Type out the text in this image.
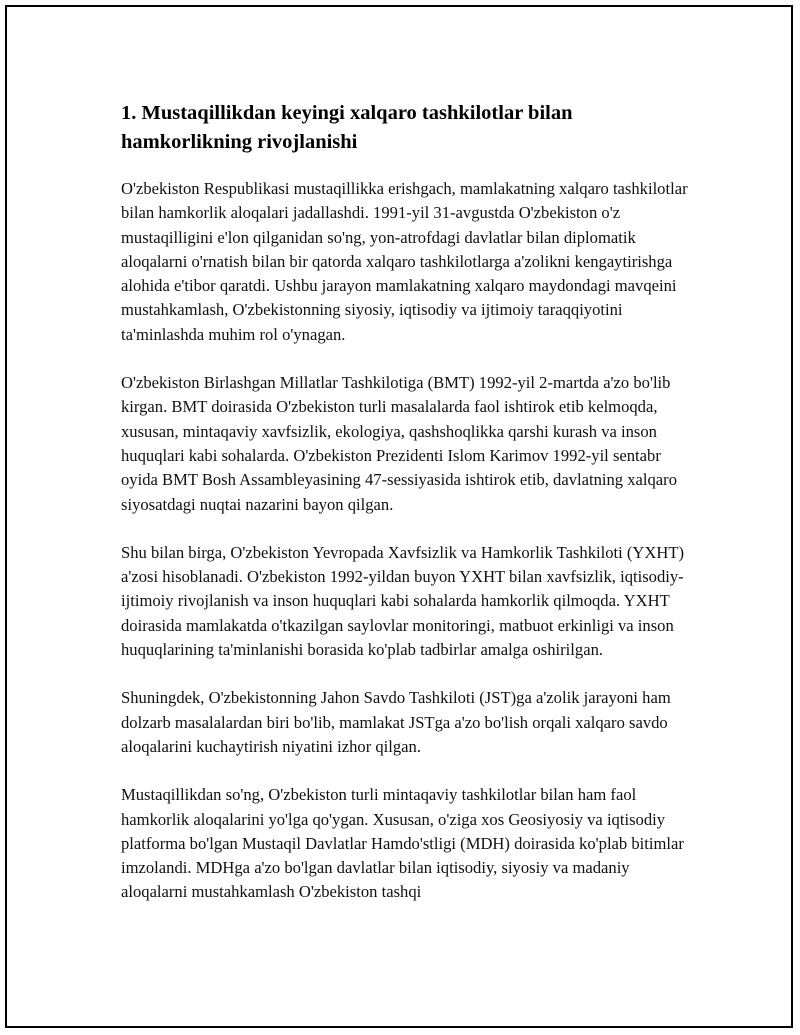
1. Mustaqillikdan keyingi xalqaro tashkilotlar bilan hamkorlikning rivojlanishi

O'zbekiston Respublikasi mustaqillikka erishgach, mamlakatning xalqaro tashkilotlar bilan hamkorlik aloqalari jadallashdi. 1991-yil 31-avgustda O'zbekiston o'z mustaqilligini e'lon qilganidan so'ng, yon-atrofdagi davlatlar bilan diplomatik aloqalarni o'rnatish bilan bir qatorda xalqaro tashkilotlarga a'zolikni kengaytirishga alohida e'tibor qaratdi. Ushbu jarayon mamlakatning xalqaro maydondagi mavqeini mustahkamlash, O'zbekistonning siyosiy, iqtisodiy va ijtimoiy taraqqiyotini ta'minlashda muhim rol o'ynagan.

O'zbekiston Birlashgan Millatlar Tashkilotiga (BMT) 1992-yil 2-martda a'zo bo'lib kirgan. BMT doirasida O'zbekiston turli masalalarda faol ishtirok etib kelmoqda, xususan, mintaqaviy xavfsizlik, ekologiya, qashshoqlikka qarshi kurash va inson huquqlari kabi sohalarda. O'zbekiston Prezidenti Islom Karimov 1992-yil sentabr oyida BMT Bosh Assambleyasining 47-sessiyasida ishtirok etib, davlatning xalqaro siyosatdagi nuqtai nazarini bayon qilgan.

Shu bilan birga, O'zbekiston Yevropada Xavfsizlik va Hamkorlik Tashkiloti (YXHT) a'zosi hisoblanadi. O'zbekiston 1992-yildan buyon YXHT bilan xavfsizlik, iqtisodiy-ijtimoiy rivojlanish va inson huquqlari kabi sohalarda hamkorlik qilmoqda. YXHT doirasida mamlakatda o'tkazilgan saylovlar monitoringi, matbuot erkinligi va inson huquqlarining ta'minlanishi borasida ko'plab tadbirlar amalga oshirilgan.

Shuningdek, O'zbekistonning Jahon Savdo Tashkiloti (JST)ga a'zolik jarayoni ham dolzarb masalalardan biri bo'lib, mamlakat JSTga a'zo bo'lish orqali xalqaro savdo aloqalarini kuchaytirish niyatini izhor qilgan.

Mustaqillikdan so'ng, O'zbekiston turli mintaqaviy tashkilotlar bilan ham faol hamkorlik aloqalarini yo'lga qo'ygan. Xususan, o'ziga xos Geosiyosiy va iqtisodiy platforma bo'lgan Mustaqil Davlatlar Hamdo'stligi (MDH) doirasida ko'plab bitimlar imzolandi. MDHga a'zo bo'lgan davlatlar bilan iqtisodiy, siyosiy va madaniy aloqalarni mustahkamlash O'zbekiston tashqi
